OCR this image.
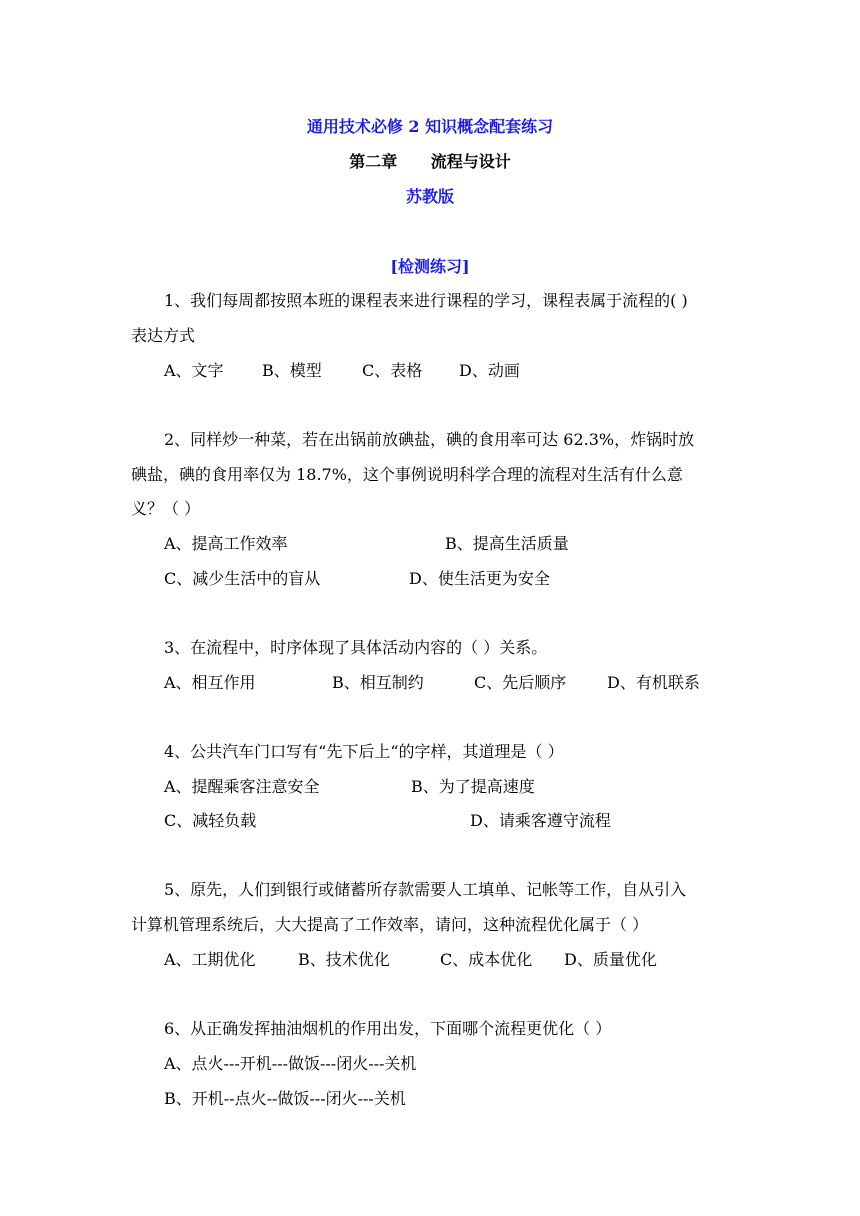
通用技术必修 2 知识概念配套练习
第二章      流程与设计
苏教版
[检测练习]
1、我们每周都按照本班的课程表来进行课程的学习，课程表属于流程的( )
表达方式
A、文字 B、模型	C、表格 D、动画
2、同样炒一种菜，若在出锅前放碘盐，碘的食用率可达 62.3%，炸锅时放
碘盐，碘的食用率仅为 18.7%，这个事例说明科学合理的流程对生活有什么意
义？（ ）
A、提高工作效率	B、提高生活质量
C、减少生活中的盲从	D、使生活更为安全
3、在流程中，时序体现了具体活动内容的（ ）关系。
A、相互作用	B、相互制约	C、先后顺序	D、有机联系
4、公共汽车门口写有“先下后上“的字样，其道理是（ ）
A、提醒乘客注意安全	B、为了提高速度
C、减轻负载	D、请乘客遵守流程
5、原先，人们到银行或储蓄所存款需要人工填单、记帐等工作，自从引入
计算机管理系统后，大大提高了工作效率，请问，这种流程优化属于（ ）
A、工期优化	B、技术优化	C、成本优化 D、质量优化
6、从正确发挥抽油烟机的作用出发，下面哪个流程更优化（ ）
A、点火---开机---做饭---闭火---关机
B、开机--点火--做饭---闭火---关机
